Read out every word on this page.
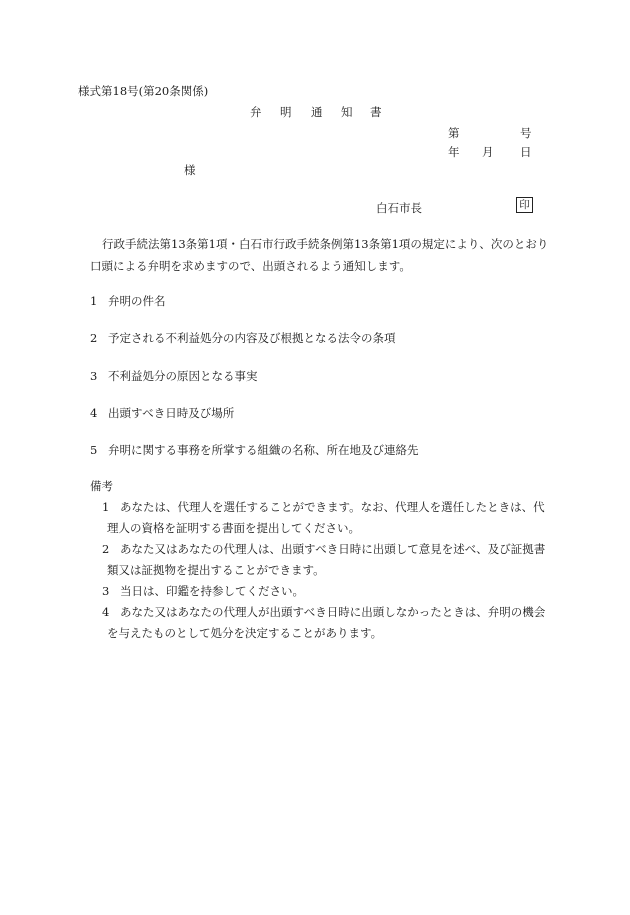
様式第18号(第20条関係)
弁 明 通 知 書
第	号
年 月 日
様
白石市長	印
行政手続法第13条第1項・白石市行政手続条例第13条第1項の規定により、次のとおり
口頭による弁明を求めますので、出頭されるよう通知します。
1 弁明の件名
2 予定される不利益処分の内容及び根拠となる法令の条項
3 不利益処分の原因となる事実
4 出頭すべき日時及び場所
5 弁明に関する事務を所掌する組織の名称、所在地及び連絡先
備考
1 あなたは、代理人を選任することができます。なお、代理人を選任したときは、代
理人の資格を証明する書面を提出してください。
2 あなた又はあなたの代理人は、出頭すべき日時に出頭して意見を述べ、及び証拠書
類又は証拠物を提出することができます。
3 当日は、印鑑を持参してください。
4 あなた又はあなたの代理人が出頭すべき日時に出頭しなかったときは、弁明の機会
を与えたものとして処分を決定することがあります。
